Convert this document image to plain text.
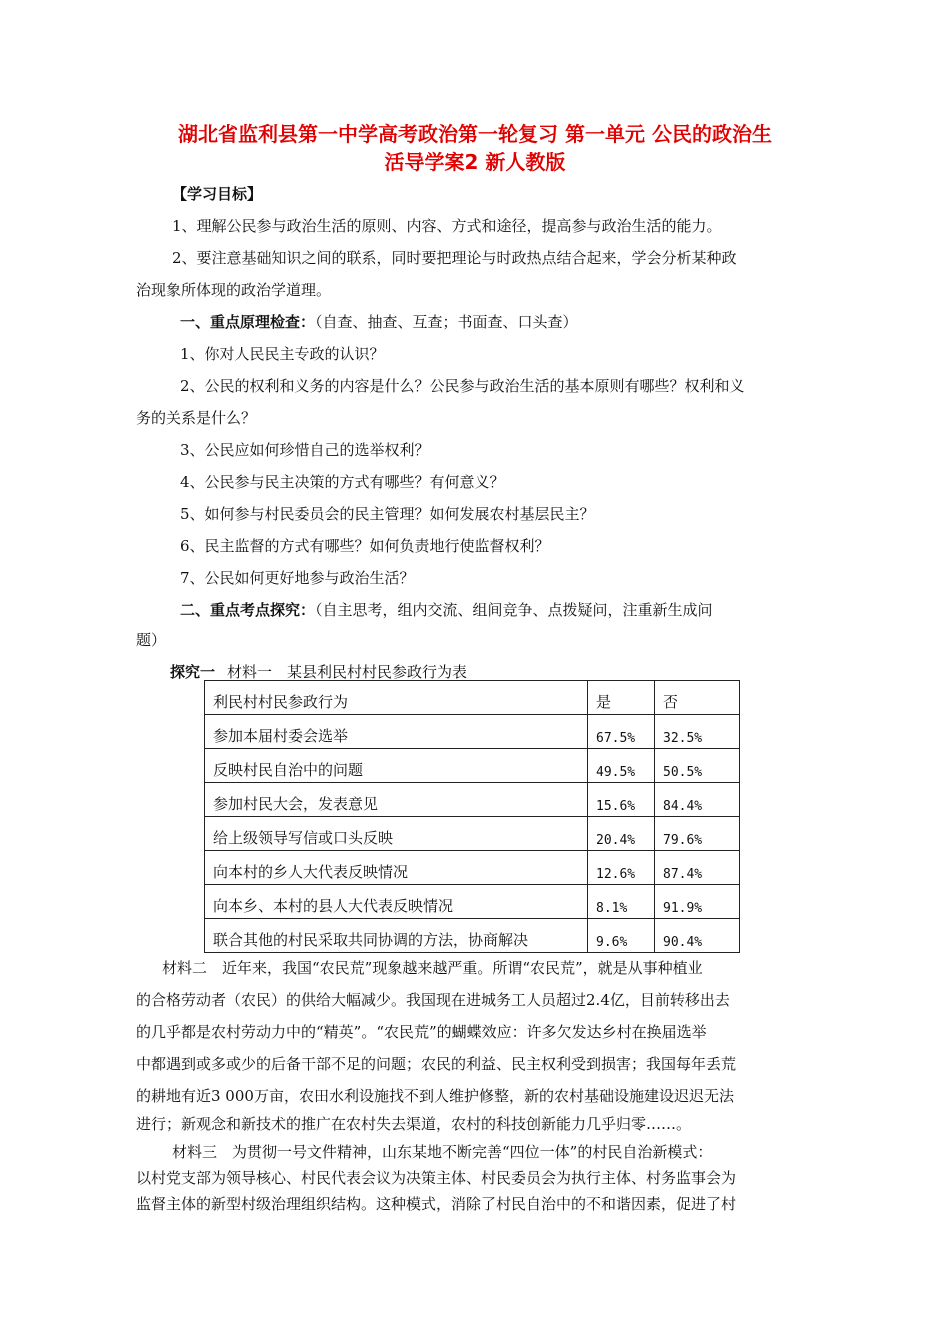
湖北省监利县第一中学高考政治第一轮复习 第一单元 公民的政治生
活导学案2 新人教版
【学习目标】
1、理解公民参与政治生活的原则、内容、方式和途径，提高参与政治生活的能力。
2、要注意基础知识之间的联系，同时要把理论与时政热点结合起来，学会分析某种政
治现象所体现的政治学道理。
一、重点原理检查：（自查、抽查、互查；书面查、口头查）
1、你对人民民主专政的认识？
2、公民的权利和义务的内容是什么？公民参与政治生活的基本原则有哪些？权利和义
务的关系是什么？
3、公民应如何珍惜自己的选举权利？
4、公民参与民主决策的方式有哪些？有何意义？
5、如何参与村民委员会的民主管理？如何发展农村基层民主？
6、民主监督的方式有哪些？如何负责地行使监督权利？
7、公民如何更好地参与政治生活？
二、重点考点探究：（自主思考，组内交流、组间竞争、点拨疑问，注重新生成问
题）
探究一 材料一　某县利民村村民参政行为表
利民村村民参政行为	是	否
参加本届村委会选举	67.5%	32.5%
反映村民自治中的问题	49.5%	50.5%
参加村民大会，发表意见	15.6%	84.4%
给上级领导写信或口头反映	20.4%	79.6%
向本村的乡人大代表反映情况	12.6%	87.4%
向本乡、本村的县人大代表反映情况	8.1%	91.9%
联合其他的村民采取共同协调的方法，协商解决	9.6%	90.4%
材料二　近年来，我国“农民荒”现象越来越严重。所谓“农民荒”，就是从事种植业
的合格劳动者（农民）的供给大幅减少。我国现在进城务工人员超过2.4亿，目前转移出去
的几乎都是农村劳动力中的“精英”。“农民荒”的蝴蝶效应：许多欠发达乡村在换届选举
中都遇到或多或少的后备干部不足的问题；农民的利益、民主权利受到损害；我国每年丢荒
的耕地有近3 000万亩，农田水利设施找不到人维护修整，新的农村基础设施建设迟迟无法
进行；新观念和新技术的推广在农村失去渠道，农村的科技创新能力几乎归零……。
材料三　为贯彻一号文件精神，山东某地不断完善“四位一体”的村民自治新模式：
以村党支部为领导核心、村民代表会议为决策主体、村民委员会为执行主体、村务监事会为
监督主体的新型村级治理组织结构。这种模式，消除了村民自治中的不和谐因素，促进了村
